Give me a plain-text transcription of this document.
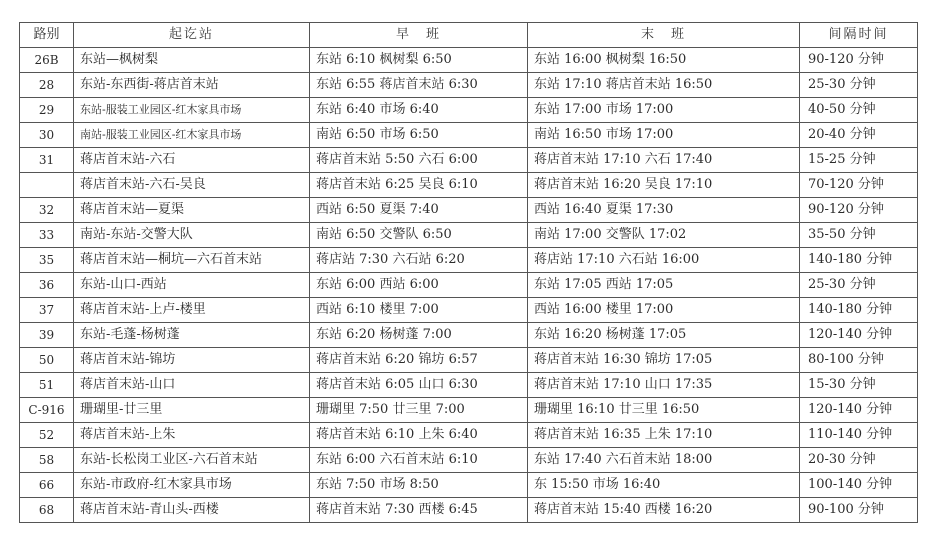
路别	起讫站	早　班	末　班	间隔时间
26B	东站—枫树梨	东站 6:10 枫树梨 6:50	东站 16:00 枫树梨 16:50	90-120 分钟
28	东站-东西街-蒋店首末站	东站 6:55 蒋店首末站 6:30	东站 17:10 蒋店首末站 16:50	25-30 分钟
29	东站-服装工业园区-红木家具市场	东站 6:40 市场 6:40	东站 17:00 市场 17:00	40-50 分钟
30	南站-服装工业园区-红木家具市场	南站 6:50 市场 6:50	南站 16:50 市场 17:00	20-40 分钟
31	蒋店首末站-六石	蒋店首末站 5:50 六石 6:00	蒋店首末站 17:10 六石 17:40	15-25 分钟
	蒋店首末站-六石-吴良	蒋店首末站 6:25 吴良 6:10	蒋店首末站 16:20 吴良 17:10	70-120 分钟
32	蒋店首末站—夏渠	西站 6:50 夏渠 7:40	西站 16:40 夏渠 17:30	90-120 分钟
33	南站-东站-交警大队	南站 6:50 交警队 6:50	南站 17:00 交警队 17:02	35-50 分钟
35	蒋店首末站—桐坑—六石首末站	蒋店站 7:30 六石站 6:20	蒋店站 17:10 六石站 16:00	140-180 分钟
36	东站-山口-西站	东站 6:00 西站 6:00	东站 17:05 西站 17:05	25-30 分钟
37	蒋店首末站-上卢-楼里	西站 6:10 楼里 7:00	西站 16:00 楼里 17:00	140-180 分钟
39	东站-毛蓬-杨树蓬	东站 6:20 杨树蓬 7:00	东站 16:20 杨树蓬 17:05	120-140 分钟
50	蒋店首末站-锦坊	蒋店首末站 6:20 锦坊 6:57	蒋店首末站 16:30 锦坊 17:05	80-100 分钟
51	蒋店首末站-山口	蒋店首末站 6:05 山口 6:30	蒋店首末站 17:10 山口 17:35	15-30 分钟
C-916	珊瑚里-廿三里	珊瑚里 7:50 廿三里 7:00	珊瑚里 16:10 廿三里 16:50	120-140 分钟
52	蒋店首末站-上朱	蒋店首末站 6:10 上朱 6:40	蒋店首末站 16:35 上朱 17:10	110-140 分钟
58	东站-长松岗工业区-六石首末站	东站 6:00 六石首末站 6:10	东站 17:40 六石首末站 18:00	20-30 分钟
66	东站-市政府-红木家具市场	东站 7:50 市场 8:50	东 15:50 市场 16:40	100-140 分钟
68	蒋店首末站-青山头-西楼	蒋店首末站 7:30 西楼 6:45	蒋店首末站 15:40 西楼 16:20	90-100 分钟
